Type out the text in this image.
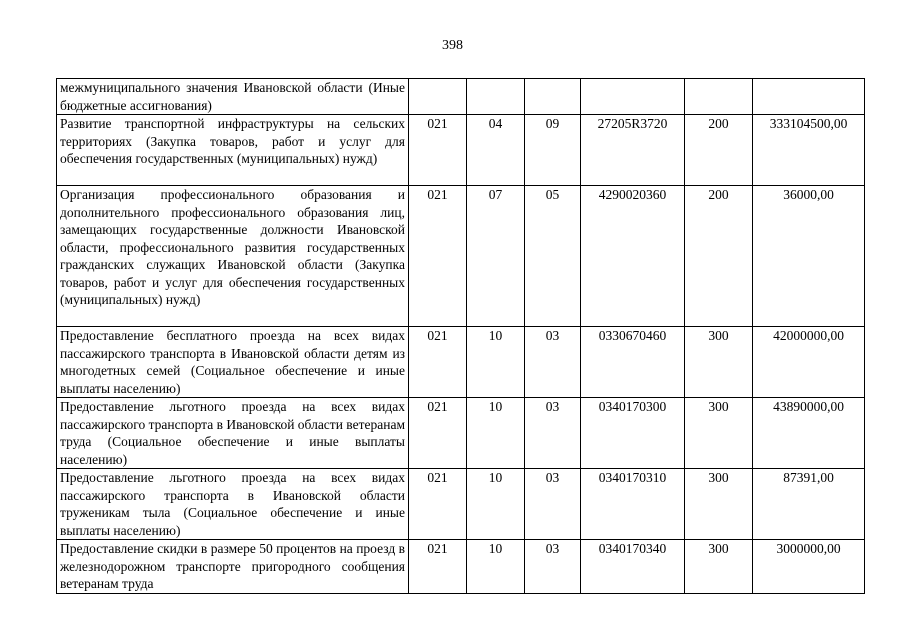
398
межмуниципального значения Ивановской области (Иные бюджетные ассигнования)						
Развитие транспортной инфраструктуры на сельских территориях (Закупка товаров, работ и услуг для обеспечения государственных (муниципальных) нужд)	021	04	09	27205R3720	200	333104500,00
Организация профессионального образования и дополнительного профессионального образования лиц, замещающих государственные должности Ивановской области, профессионального развития государственных гражданских служащих Ивановской области (Закупка товаров, работ и услуг для обеспечения государственных (муниципальных) нужд)	021	07	05	4290020360	200	36000,00
Предоставление бесплатного проезда на всех видах пассажирского транспорта в Ивановской области детям из многодетных семей (Социальное обеспечение и иные выплаты населению)	021	10	03	0330670460	300	42000000,00
Предоставление льготного проезда на всех видах пассажирского транспорта в Ивановской области ветеранам труда (Социальное обеспечение и иные выплаты населению)	021	10	03	0340170300	300	43890000,00
Предоставление льготного проезда на всех видах пассажирского транспорта в Ивановской области труженикам тыла (Социальное обеспечение и иные выплаты населению)	021	10	03	0340170310	300	87391,00
Предоставление скидки в размере 50 процентов на проезд в железнодорожном транспорте пригородного сообщения ветеранам труда	021	10	03	0340170340	300	3000000,00
